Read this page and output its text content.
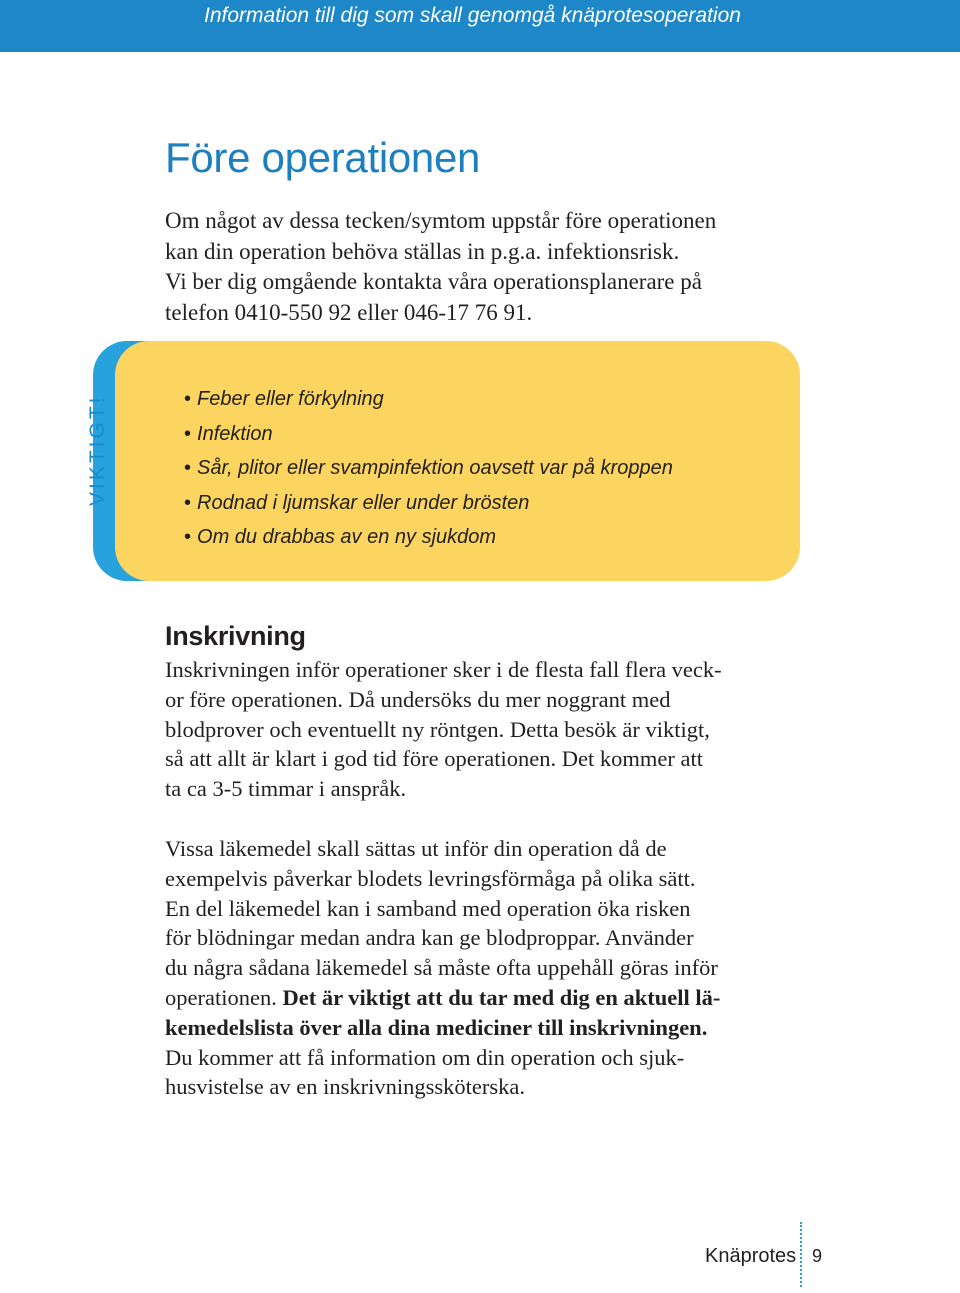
Information till dig som skall genomgå knäprotesoperation
Före operationen

Om något av dessa tecken/symtom uppstår före operationen
kan din operation behöva ställas in p.g.a. infektionsrisk.
Vi ber dig omgående kontakta våra operationsplanerare på
telefon 0410-550 92 eller 046-17 76 91.

VIKTIGT!	• Feber eller förkylning
• Infektion
• Sår, plitor eller svampinfektion oavsett var på kroppen
• Rodnad i ljumskar eller under brösten
• Om du drabbas av en ny sjukdom
Inskrivning

Inskrivningen inför operationer sker i de flesta fall flera veck-
or före operationen. Då undersöks du mer noggrant med
blodprover och eventuellt ny röntgen. Detta besök är viktigt,
så att allt är klart i god tid före operationen. Det kommer att
ta ca 3-5 timmar i anspråk.

Vissa läkemedel skall sättas ut inför din operation då de
exempelvis påverkar blodets levringsförmåga på olika sätt.
En del läkemedel kan i samband med operation öka risken
för blödningar medan andra kan ge blodproppar. Använder
du några sådana läkemedel så måste ofta uppehåll göras inför
operationen. Det är viktigt att du tar med dig en aktuell lä-
kemedelslista över alla dina mediciner till inskrivningen.
Du kommer att få information om din operation och sjuk-
husvistelse av en inskrivningssköterska.

Knäprotes 9
